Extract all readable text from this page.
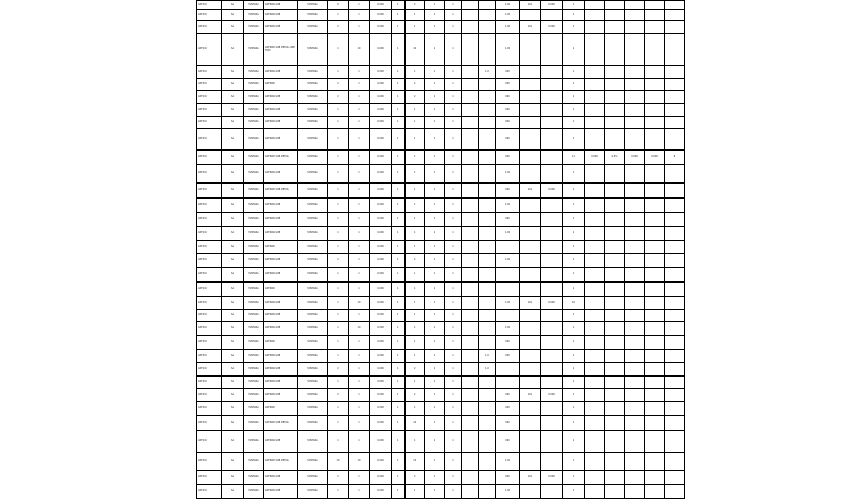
ANTICO	SA	TANTARA	ANTIPAR-SUB	TANTARA	8	1	0.000	1	2	1	1			1.00	10x	0.000	1					
ANTICO	SA	TANTARA	ANTIPAR-SUB	TANTARA	1	1	0.000	1	1	1	1			1.00			1					
ANTICO	SA	TANTARA	ANTIPAR-SUB	TANTARA	2	1	0.000	1	1	1	1			1.00	10x	0.000	1					
ANTICO	SA	TANTARA	ANTIPAR SUB DETAIL LINE TWO	TANTARA	1	10	0.000	1	10	1	1			1.00			1					
ANTICO	SA	TANTARA	ANTIPAR-SUB	TANTARA	1	1	0.000	1	1	1	1		1.0	000			1					
ANTICO	SA	TANTARA	ANTIPAR	TANTARA	2	1	0.000	1	2	1	1			000			1					
ANTICO	SA	TANTARA	ANTIPAR-SUB	TANTARA	2	1	0.000	1	2	1	1			000			1					
ANTICO	SA	TANTARA	ANTIPAR-SUB	TANTARA	1	1	0.000	1	1	1	1			000			1					
ANTICO	SA	TANTARA	ANTIPAR-SUB	TANTARA	1	1	0.000	1	1	1	1			000			1					
ANTICO	SA	TANTARA	ANTIPAR-SUB	TANTARA	1	1	0.000	1	1	1	1			000			1					
ANTICO	SA	TANTARA	ANTIPAR SUB DETAIL	TANTARA	1	1	0.000	1	1	1	1			000			11	0.000	0.0%	0.000	0.000	8
ANTICO	SA	TANTARA	ANTIPAR-SUB	TANTARA	1	1	0.000	1	1	1	1			1.00			1					
ANTICO	SA	TANTARA	ANTIPAR SUB DETAIL	TANTARA	1	1	0.000	1	1	1	1			000	10x	0.000	1					
ANTICO	SA	TANTARA	ANTIPAR-SUB	TANTARA	1	1	0.000	1	1	1	1			1.00			1					
ANTICO	SA	TANTARA	ANTIPAR-SUB	TANTARA	1	1	0.000	1	1	1	1			000			1					
ANTICO	SA	TANTARA	ANTIPAR-SUB	TANTARA	1	1	0.000	1	1	1	1			1.00			1					
ANTICO	SA	TANTARA	ANTIPAR	TANTARA	1	1	0.000	1	1	1	1						1					
ANTICO	SA	TANTARA	ANTIPAR-SUB	TANTARA	2	1	0.000	1	2	1	1			1.00			1					
ANTICO	SA	TANTARA	ANTIPAR-SUB	TANTARA	1	1	0.000	1	1	1	1						1					
ANTICO	SA	TANTARA	ANTIPAR	TANTARA	1	1	0.000	1	1	1	1						1					
ANTICO	SA	TANTARA	ANTIPAR-SUB	TANTARA	1	10	0.000	1	1	1	1			1.00	10x	0.000	10					
ANTICO	SA	TANTARA	ANTIPAR-SUB	TANTARA	1	1	0.000	1	1	1	1						1					
ANTICO	SA	TANTARA	ANTIPAR-SUB	TANTARA	1	10	0.000	1	1	1	1			1.00			1					
ANTICO	SA	TANTARA	ANTIPAR	TANTARA	1	1	0.000	1	1	1	1			000			1					
ANTICO	SA	TANTARA	ANTIPAR-SUB	TANTARA	1	1	0.000	1	1	1	1		1.0	000			1					
ANTICO	SA	TANTARA	ANTIPAR-SUB	TANTARA	2	1	0.000	1	2	1	1		1.0				1					
ANTICO	SA	TANTARA	ANTIPAR-SUB	TANTARA	1	1	0.000	1	1	1	1						1					
ANTICO	SA	TANTARA	ANTIPAR-SUB	TANTARA	2	1	0.000	1	2	1	1			000	10x	0.000	1					
ANTICO	SA	TANTARA	ANTIPAR	TANTARA	1	1	0.000	1	1	1	1			000			1					
ANTICO	SA	TANTARA	ANTIPAR SUB DETAIL	TANTARA	1	1	0.000	1	10	1	1			000			1					
ANTICO	SA	TANTARA	ANTIPAR-SUB	TANTARA	1	1	0.000	1	1	1	1			000			1					
ANTICO	SA	TANTARA	ANTIPAR SUB DETAIL	TANTARA	10	10	0.000	1	10	1	1			1.00			1					
ANTICO	SA	TANTARA	ANTIPAR-SUB	TANTARA	2	1	0.000	1	2	1	1			000	10x	0.000	1					
ANTICO	SA	TANTARA	ANTIPAR-SUB	TANTARA	1	1	0.000	1	1	1	1			1.00			1					
